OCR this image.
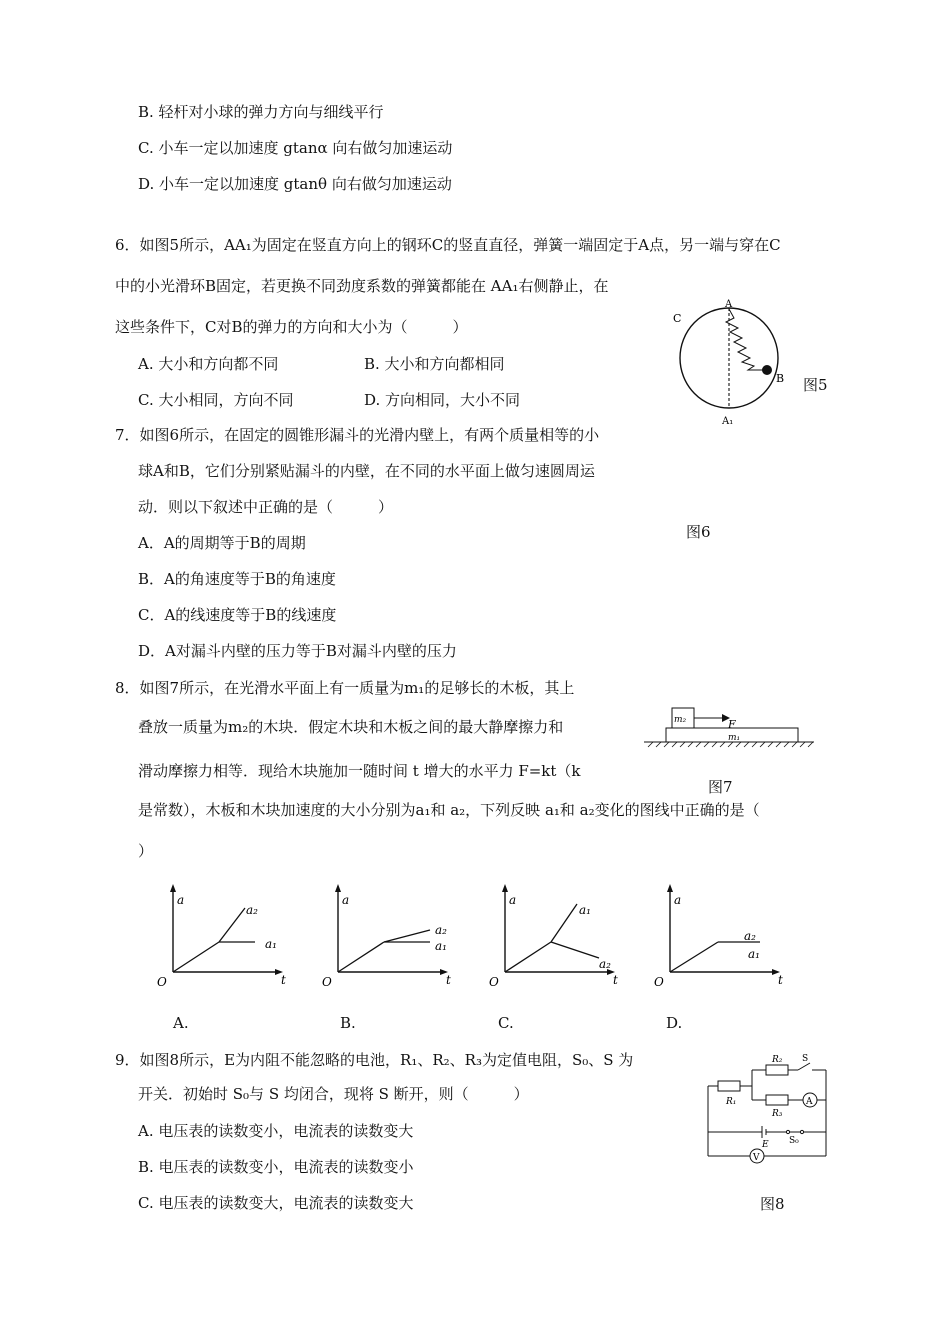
B. 轻杆对小球的弹力方向与细线平行
C. 小车一定以加速度 gtanα 向右做匀加速运动
D. 小车一定以加速度 gtanθ 向右做匀加速运动
6．如图5所示，AA₁为固定在竖直方向上的钢环C的竖直直径，弹簧一端固定于A点，另一端与穿在C
中的小光滑环B固定，若更换不同劲度系数的弹簧都能在 AA₁右侧静止，在
这些条件下，C对B的弹力的方向和大小为（　　　）
A. 大小和方向都不同	B. 大小和方向都相同
C. 大小相同，方向不同	D. 方向相同，大小不同
A
A₁
B
C
图5
7．如图6所示，在固定的圆锥形漏斗的光滑内壁上，有两个质量相等的小
球A和B，它们分别紧贴漏斗的内壁，在不同的水平面上做匀速圆周运
动．则以下叙述中正确的是（　　　）
图6
A．A的周期等于B的周期
B．A的角速度等于B的角速度
C．A的线速度等于B的线速度
D．A对漏斗内壁的压力等于B对漏斗内壁的压力
8．如图7所示，在光滑水平面上有一质量为m₁的足够长的木板，其上
叠放一质量为m₂的木块．假定木块和木板之间的最大静摩擦力和
滑动摩擦力相等．现给木块施加一随时间 t 增大的水平力 F=kt（k
是常数），木板和木块加速度的大小分别为a₁和 a₂，下列反映 a₁和 a₂变化的图线中正确的是（
）
m₂	F
m₁
图7
a
t
O
a₂
a₁
A.
a
t
O
a₂
a₁
B.
a
t
O
a₁
a₂
C.
a
t
O
a₂
a₁
D.
9．如图8所示，E为内阻不能忽略的电池，R₁、R₂、R₃为定值电阻，S₀、S 为
开关．初始时 S₀与 S 均闭合，现将 S 断开，则（　　　）
A. 电压表的读数变小，电流表的读数变大
B. 电压表的读数变小，电流表的读数变小
C. 电压表的读数变大，电流表的读数变大
R₁
R₂ S
R₃
A
E S₀
V
图8
